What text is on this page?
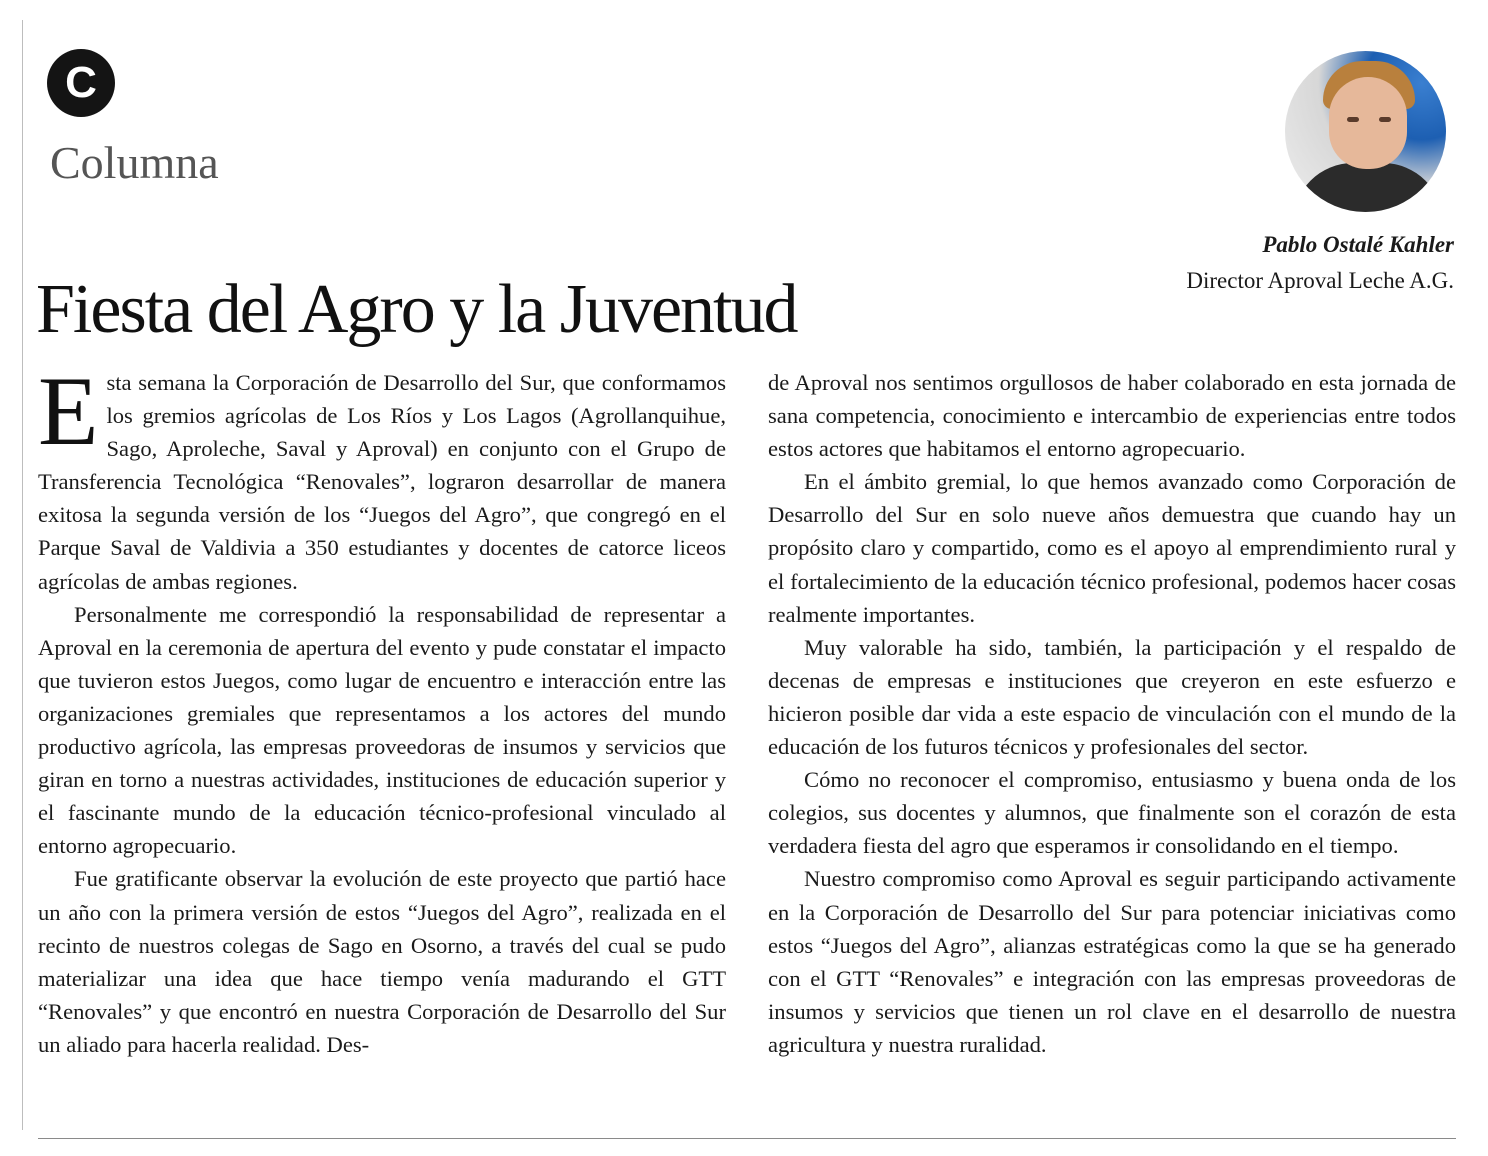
C
Columna
Pablo Ostalé Kahler
Director Aproval Leche A.G.
Fiesta del Agro y la Juventud

Esta semana la Corporación de Desarrollo del Sur, que conformamos los gremios agrícolas de Los Ríos y Los Lagos (Agrollanquihue, Sago, Aproleche, Saval y Aproval) en conjunto con el Grupo de Transferencia Tecnológica “Renovales”, lograron desarrollar de manera exitosa la segunda versión de los “Juegos del Agro”, que congregó en el Parque Saval de Valdivia a 350 estudiantes y docentes de catorce liceos agrícolas de ambas regiones.

Personalmente me correspondió la responsabilidad de representar a Aproval en la ceremonia de apertura del evento y pude constatar el impacto que tuvieron estos Juegos, como lugar de encuentro e interacción entre las organizaciones gremiales que representamos a los actores del mundo productivo agrícola, las empresas proveedoras de insumos y servicios que giran en torno a nuestras actividades, instituciones de educación superior y el fascinante mundo de la educación técnico-profesional vinculado al entorno agropecuario.

Fue gratificante observar la evolución de este proyecto que partió hace un año con la primera versión de estos “Juegos del Agro”, realizada en el recinto de nuestros colegas de Sago en Osorno, a través del cual se pudo materializar una idea que hace tiempo venía madurando el GTT “Renovales” y que encontró en nuestra Corporación de Desarrollo del Sur un aliado para hacerla realidad. Des-

de Aproval nos sentimos orgullosos de haber colaborado en esta jornada de sana competencia, conocimiento e intercambio de experiencias entre todos estos actores que habitamos el entorno agropecuario.

En el ámbito gremial, lo que hemos avanzado como Corporación de Desarrollo del Sur en solo nueve años demuestra que cuando hay un propósito claro y compartido, como es el apoyo al emprendimiento rural y el fortalecimiento de la educación técnico profesional, podemos hacer cosas realmente importantes.

Muy valorable ha sido, también, la participación y el respaldo de decenas de empresas e instituciones que creyeron en este esfuerzo e hicieron posible dar vida a este espacio de vinculación con el mundo de la educación de los futuros técnicos y profesionales del sector.

Cómo no reconocer el compromiso, entusiasmo y buena onda de los colegios, sus docentes y alumnos, que finalmente son el corazón de esta verdadera fiesta del agro que esperamos ir consolidando en el tiempo.

Nuestro compromiso como Aproval es seguir participando activamente en la Corporación de Desarrollo del Sur para potenciar iniciativas como estos “Juegos del Agro”, alianzas estratégicas como la que se ha generado con el GTT “Renovales” e integración con las empresas proveedoras de insumos y servicios que tienen un rol clave en el desarrollo de nuestra agricultura y nuestra ruralidad.
